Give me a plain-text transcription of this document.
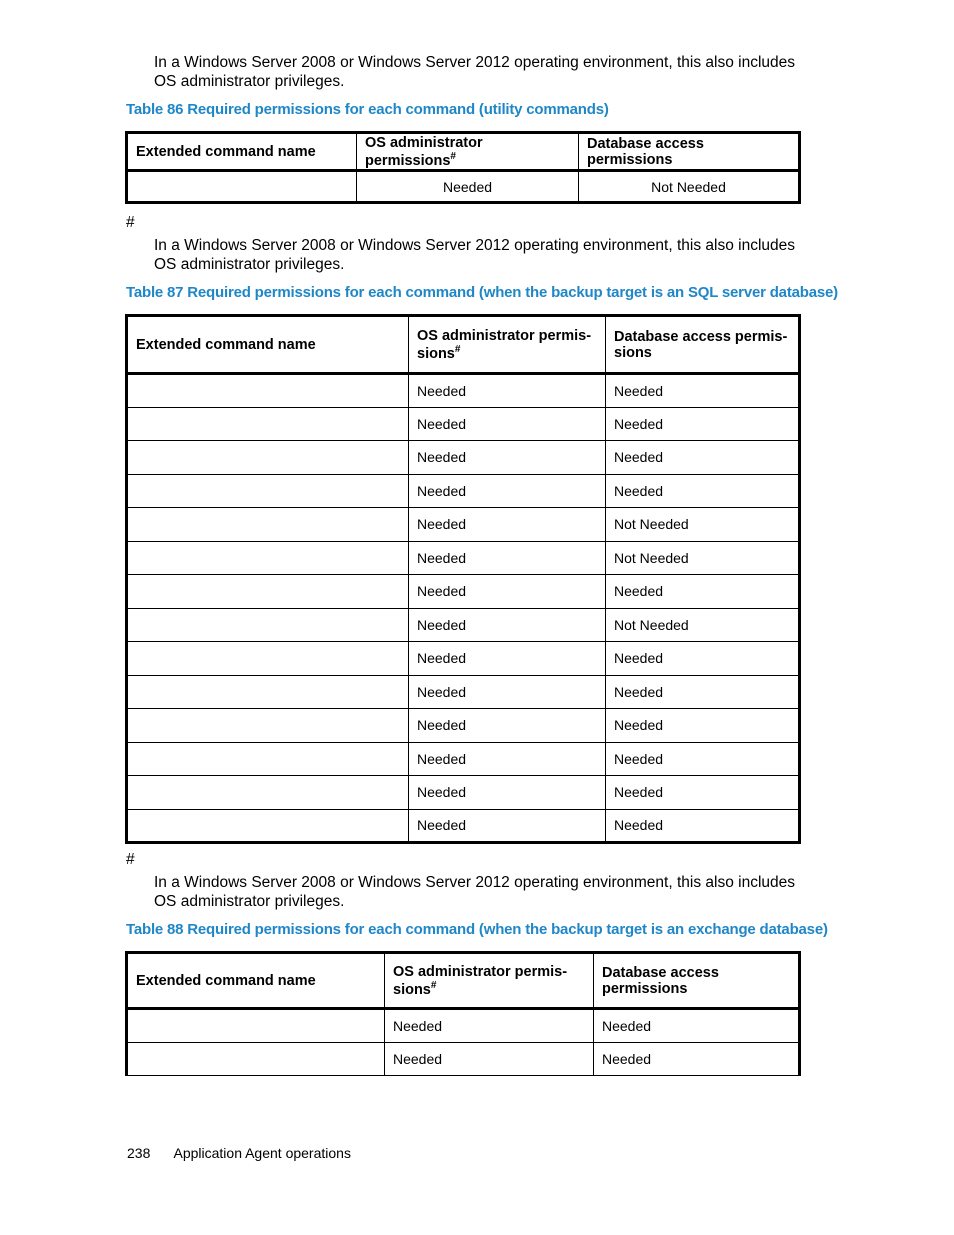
In a Windows Server 2008 or Windows Server 2012 operating environment, this also includes OS administrator privileges.
Table 86 Required permissions for each command (utility commands)
Extended command name	OS administrator permissions#	Database access permissions
	Needed	Not Needed
#
In a Windows Server 2008 or Windows Server 2012 operating environment, this also includes OS administrator privileges.
Table 87 Required permissions for each command (when the backup target is an SQL server database)
Extended command name	OS administrator permis- sions#	Database access permis- sions
	Needed	Needed
	Needed	Needed
	Needed	Needed
	Needed	Needed
	Needed	Not Needed
	Needed	Not Needed
	Needed	Needed
	Needed	Not Needed
	Needed	Needed
	Needed	Needed
	Needed	Needed
	Needed	Needed
	Needed	Needed
	Needed	Needed
#
In a Windows Server 2008 or Windows Server 2012 operating environment, this also includes OS administrator privileges.
Table 88 Required permissions for each command (when the backup target is an exchange database)
Extended command name	OS administrator permis- sions#	Database access permissions
	Needed	Needed
	Needed	Needed
238 Application Agent operations
